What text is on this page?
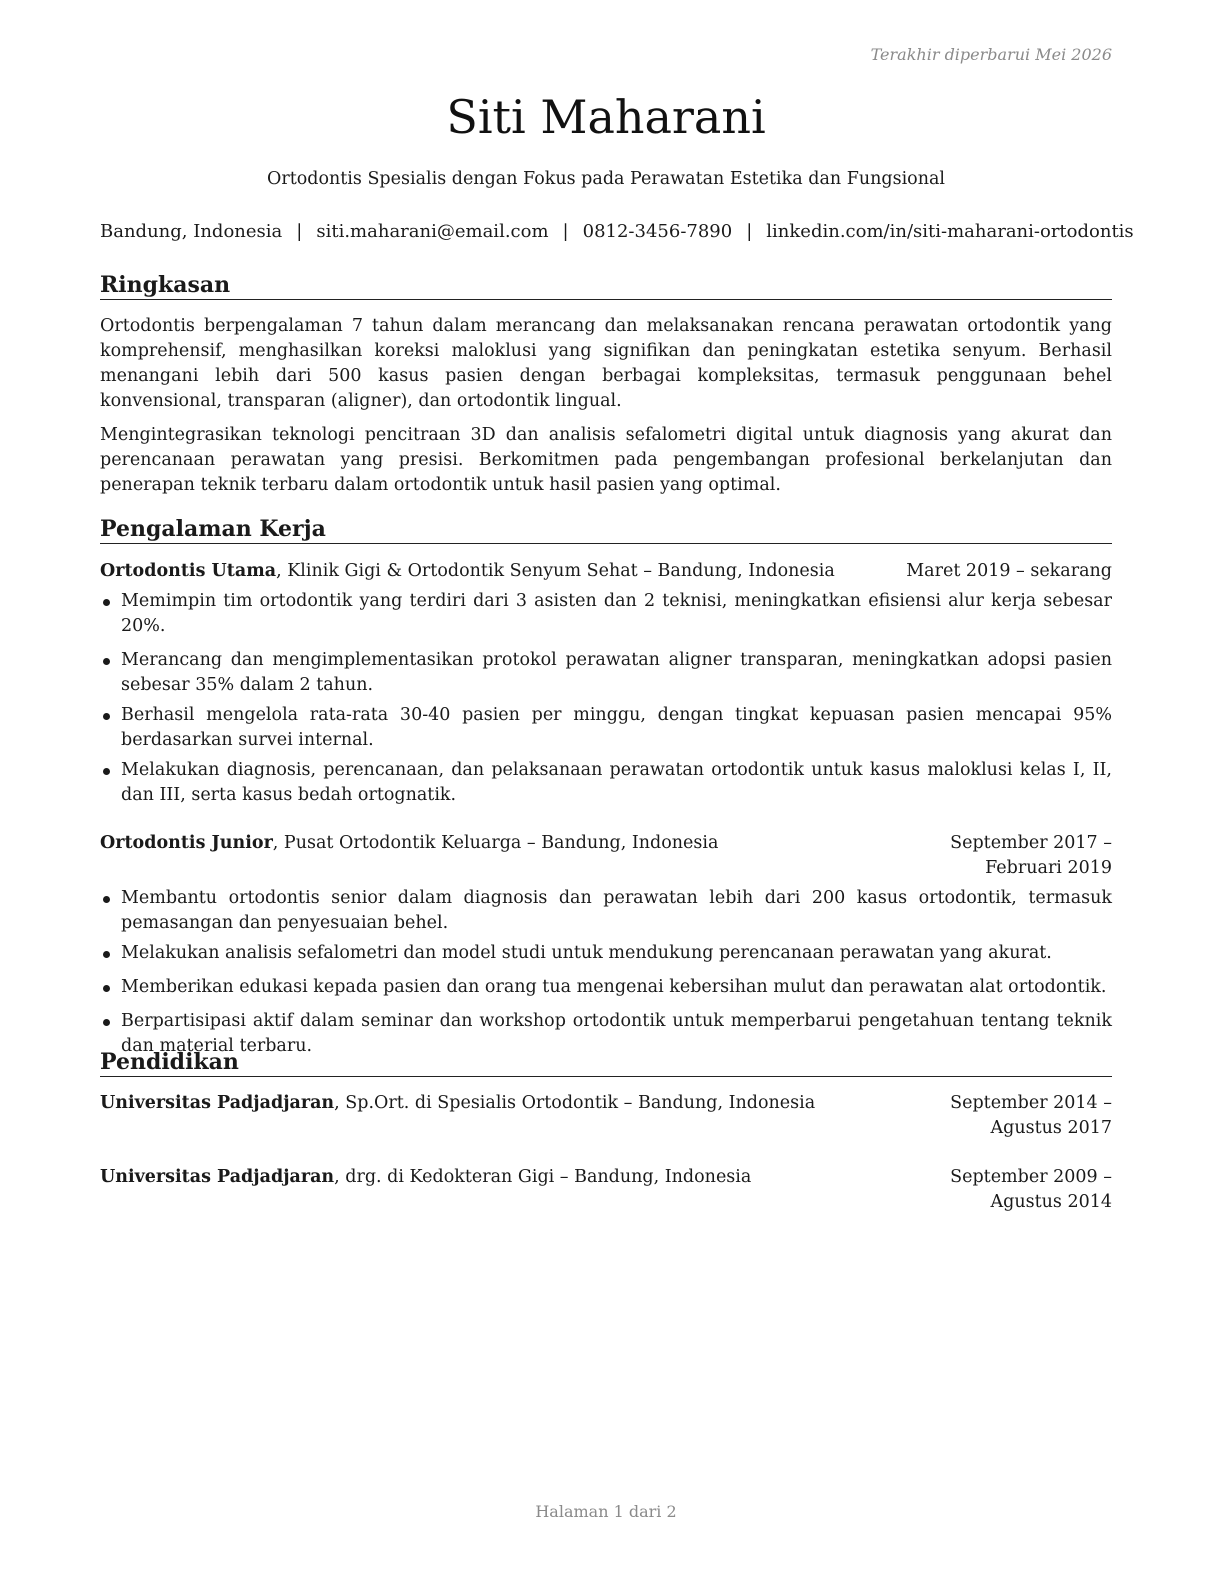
Terakhir diperbarui Mei 2026
Siti Maharani
Ortodontis Spesialis dengan Fokus pada Perawatan Estetika dan Fungsional
Bandung, Indonesia | siti.maharani@email.com | 0812-3456-7890 | linkedin.com/in/siti-maharani-ortodontis
Ringkasan

Ortodontis berpengalaman 7 tahun dalam merancang dan melaksanakan rencana perawatan ortodontik yang komprehensif, menghasilkan koreksi maloklusi yang signifikan dan peningkatan estetika senyum. Berhasil menangani lebih dari 500 kasus pasien dengan berbagai kompleksitas, termasuk penggunaan behel konvensional, transparan (aligner), dan ortodontik lingual.

Mengintegrasikan teknologi pencitraan 3D dan analisis sefalometri digital untuk diagnosis yang akurat dan perencanaan perawatan yang presisi. Berkomitmen pada pengembangan profesional berkelanjutan dan penerapan teknik terbaru dalam ortodontik untuk hasil pasien yang optimal.

Pengalaman Kerja
Ortodontis Utama, Klinik Gigi & Ortodontik Senyum Sehat – Bandung, Indonesia	Maret 2019 – sekarang
Memimpin tim ortodontik yang terdiri dari 3 asisten dan 2 teknisi, meningkatkan efisiensi alur kerja sebesar 20%.
Merancang dan mengimplementasikan protokol perawatan aligner transparan, meningkatkan adopsi pasien sebesar 35% dalam 2 tahun.
Berhasil mengelola rata-rata 30-40 pasien per minggu, dengan tingkat kepuasan pasien mencapai 95% berdasarkan survei internal.
Melakukan diagnosis, perencanaan, dan pelaksanaan perawatan ortodontik untuk kasus maloklusi kelas I, II, dan III, serta kasus bedah ortognatik.
Ortodontis Junior, Pusat Ortodontik Keluarga – Bandung, Indonesia	September 2017 – Februari 2019
Membantu ortodontis senior dalam diagnosis dan perawatan lebih dari 200 kasus ortodontik, termasuk pemasangan dan penyesuaian behel.
Melakukan analisis sefalometri dan model studi untuk mendukung perencanaan perawatan yang akurat.
Memberikan edukasi kepada pasien dan orang tua mengenai kebersihan mulut dan perawatan alat ortodontik.
Berpartisipasi aktif dalam seminar dan workshop ortodontik untuk memperbarui pengetahuan tentang teknik dan material terbaru.
Pendidikan
Universitas Padjadjaran, Sp.Ort. di Spesialis Ortodontik – Bandung, Indonesia	September 2014 – Agustus 2017
Universitas Padjadjaran, drg. di Kedokteran Gigi – Bandung, Indonesia	September 2009 – Agustus 2014
Halaman 1 dari 2
